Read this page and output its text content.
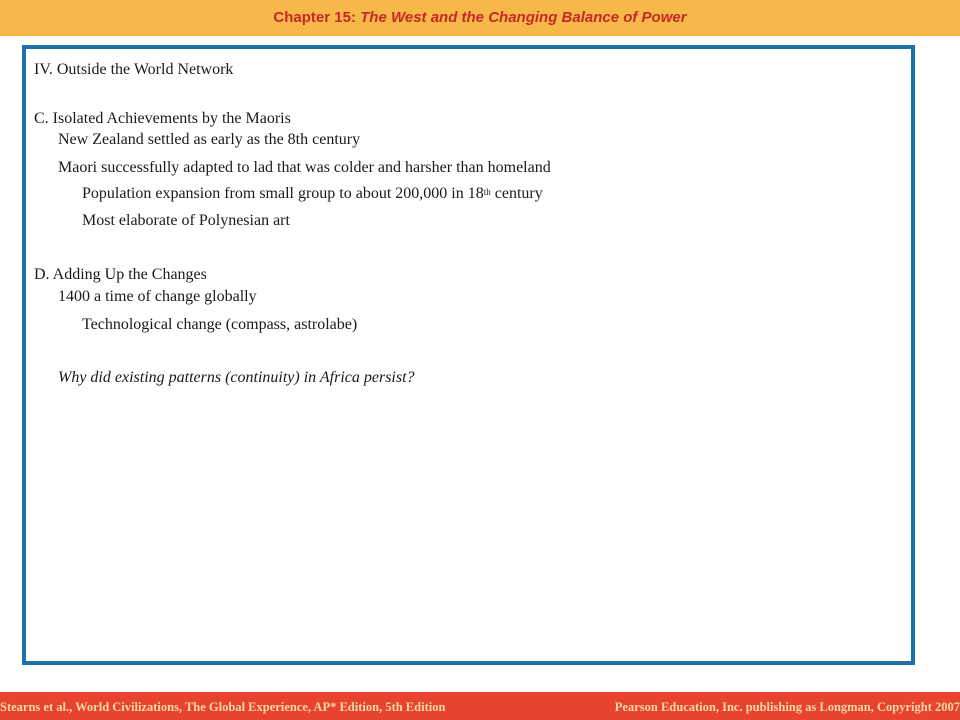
Chapter 15: The West and the Changing Balance of Power
IV. Outside the World Network
C. Isolated Achievements by the Maoris
New Zealand settled as early as the 8th century
Maori successfully adapted to lad that was colder and harsher than homeland
Population expansion from small group to about 200,000 in 18th century
Most elaborate of Polynesian art
D. Adding Up the Changes
1400 a time of change globally
Technological change (compass, astrolabe)
Why did existing patterns (continuity) in Africa persist?
Stearns et al., World Civilizations, The Global Experience, AP* Edition, 5th Edition	Pearson Education, Inc. publishing as Longman, Copyright 2007
